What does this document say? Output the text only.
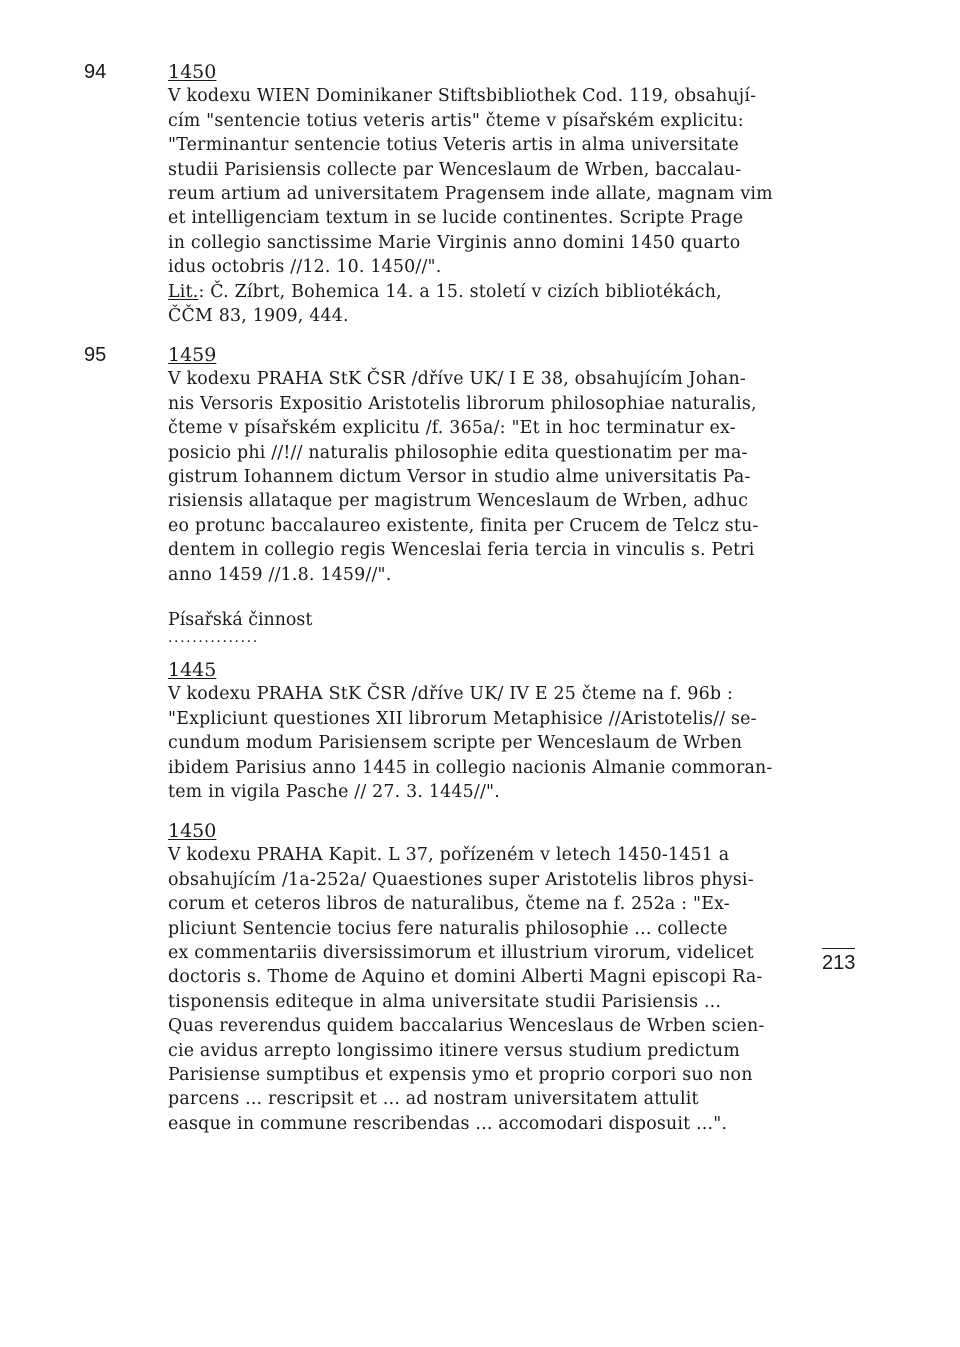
94	1450
V kodexu WIEN Dominikaner Stiftsbibliothek Cod. 119, obsahují-
cím "sentencie totius veteris artis" čteme v písařském explicitu:
"Terminantur sentencie totius Veteris artis in alma universitate
studii Parisiensis collecte par Wenceslaum de Wrben, baccalau-
reum artium ad universitatem Pragensem inde allate, magnam vim
et intelligenciam textum in se lucide continentes. Scripte Prage
in collegio sanctissime Marie Virginis anno domini 1450 quarto
idus octobris //12. 10. 1450//".
Lit.: Č. Zíbrt, Bohemica 14. a 15. století v cizích bibliotékách,
ČČM 83, 1909, 444.
95	1459
V kodexu PRAHA StK ČSR /dříve UK/ I E 38, obsahujícím Johan-
nis Versoris Expositio Aristotelis librorum philosophiae naturalis,
čteme v písařském explicitu /f. 365a/: "Et in hoc terminatur ex-
posicio phi //!// naturalis philosophie edita questionatim per ma-
gistrum Iohannem dictum Versor in studio alme universitatis Pa-
risiensis allataque per magistrum Wenceslaum de Wrben, adhuc
eo protunc baccalaureo existente, finita per Crucem de Telcz stu-
dentem in collegio regis Wenceslai feria tercia in vinculis s. Petri
anno 1459 //1.8. 1459//".
Písařská činnost
...............
1445
V kodexu PRAHA StK ČSR /dříve UK/ IV E 25 čteme na f. 96b :
"Expliciunt questiones XII librorum Metaphisice //Aristotelis// se-
cundum modum Parisiensem scripte per Wenceslaum de Wrben
ibidem Parisius anno 1445 in collegio nacionis Almanie commoran-
tem in vigila Pasche // 27. 3. 1445//".
1450
V kodexu PRAHA Kapit. L 37, pořízeném v letech 1450-1451 a
obsahujícím /1a-252a/ Quaestiones super Aristotelis libros physi-
corum et ceteros libros de naturalibus, čteme na f. 252a : "Ex-
pliciunt Sentencie tocius fere naturalis philosophie ... collecte
ex commentariis diversissimorum et illustrium virorum, videlicet
doctoris s. Thome de Aquino et domini Alberti Magni episcopi Ra-
tisponensis editeque in alma universitate studii Parisiensis ...
Quas reverendus quidem baccalarius Wenceslaus de Wrben scien-
cie avidus arrepto longissimo itinere versus studium predictum
Parisiense sumptibus et expensis ymo et proprio corpori suo non
parcens ... rescripsit et ... ad nostram universitatem attulit
easque in commune rescribendas ... accomodari disposuit ...".
213
